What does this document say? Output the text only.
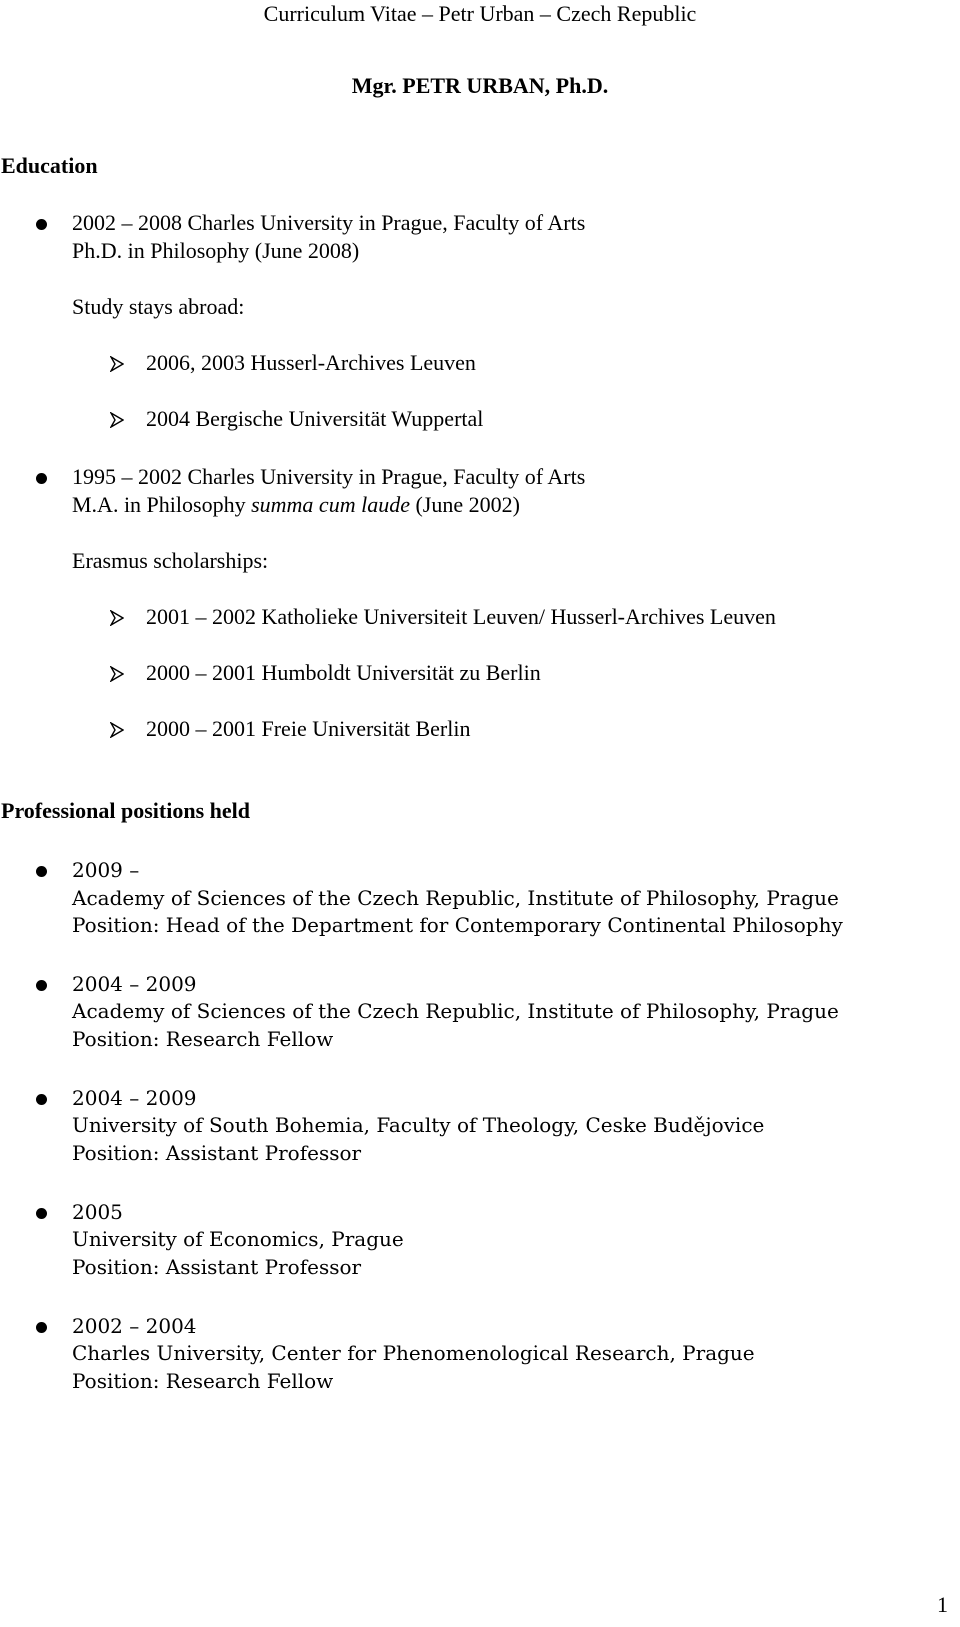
Curriculum Vitae – Petr Urban – Czech Republic
Mgr. PETR URBAN, Ph.D.
Education
2002 – 2008 Charles University in Prague, Faculty of Arts
Ph.D. in Philosophy (June 2008)
Study stays abroad:
2006, 2003 Husserl-Archives Leuven
2004 Bergische Universität Wuppertal
1995 – 2002 Charles University in Prague, Faculty of Arts
M.A. in Philosophy summa cum laude (June 2002)
Erasmus scholarships:
2001 – 2002 Katholieke Universiteit Leuven/ Husserl-Archives Leuven
2000 – 2001 Humboldt Universität zu Berlin
2000 – 2001 Freie Universität Berlin
Professional positions held
2009 –
Academy of Sciences of the Czech Republic, Institute of Philosophy, Prague
Position: Head of the Department for Contemporary Continental Philosophy
2004 – 2009
Academy of Sciences of the Czech Republic, Institute of Philosophy, Prague
Position: Research Fellow
2004 – 2009
University of South Bohemia, Faculty of Theology, Ceske Budějovice
Position: Assistant Professor
2005
University of Economics, Prague
Position: Assistant Professor
2002 – 2004
Charles University, Center for Phenomenological Research, Prague
Position: Research Fellow
1
